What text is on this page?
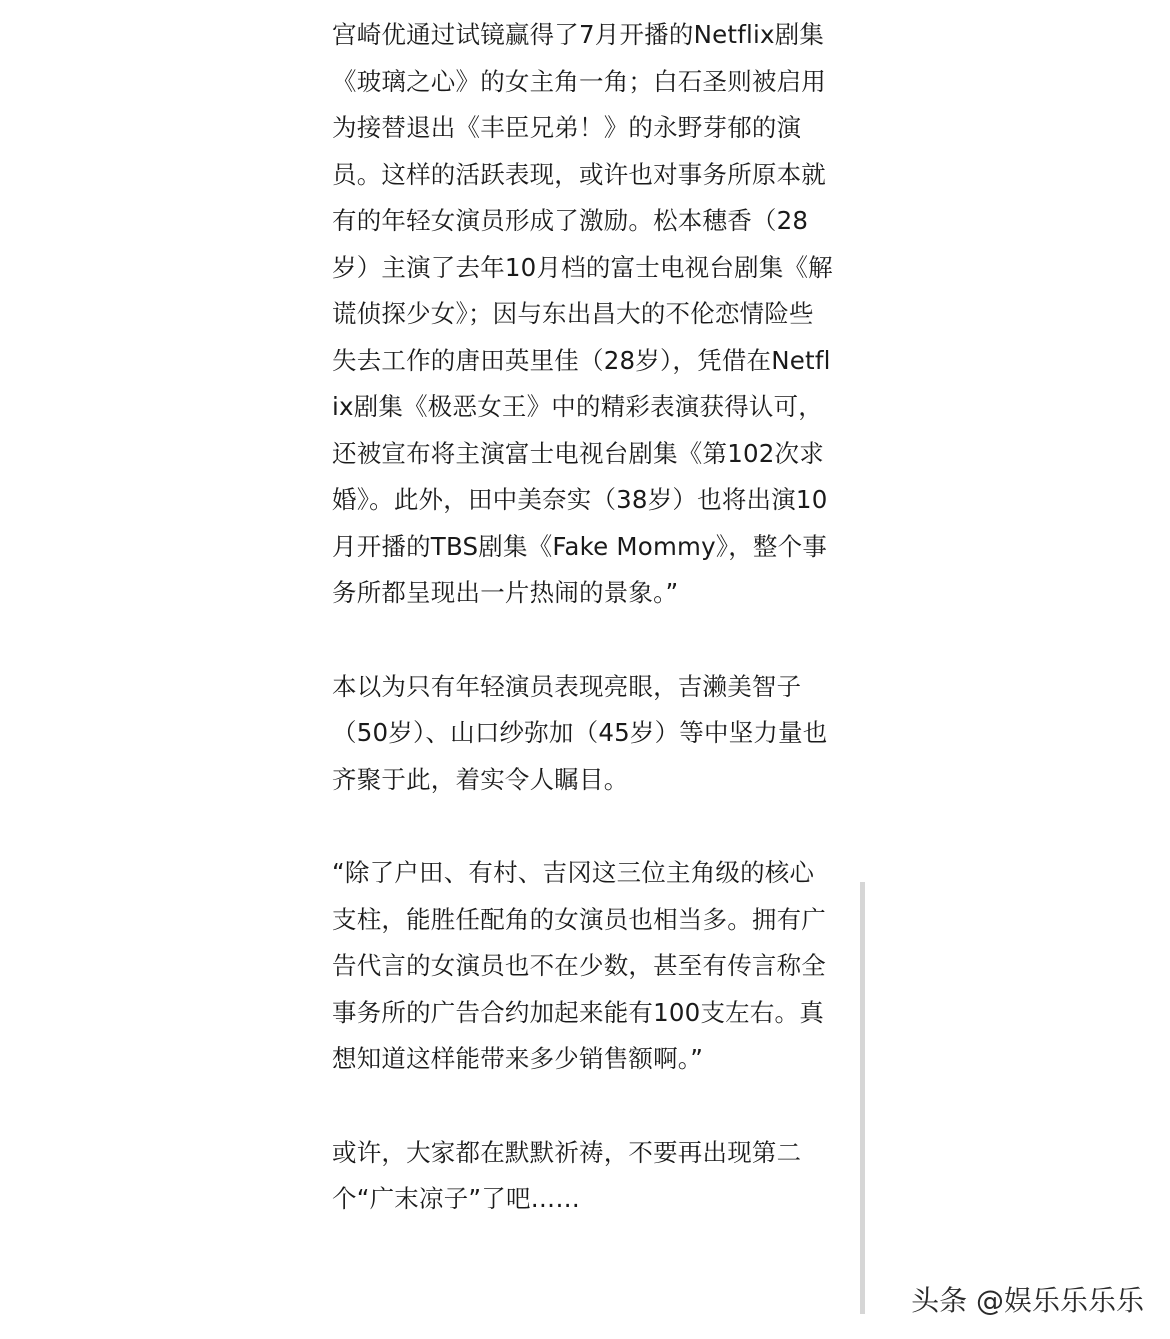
宫崎优通过试镜赢得了7月开播的Netflix剧集《玻璃之心》的女主角一角；白石圣则被启用为接替退出《丰臣兄弟！》的永野芽郁的演员。这样的活跃表现，或许也对事务所原本就有的年轻女演员形成了激励。松本穗香（28岁）主演了去年10月档的富士电视台剧集《解谎侦探少女》；因与东出昌大的不伦恋情险些失去工作的唐田英里佳（28岁），凭借在Netflix剧集《极恶女王》中的精彩表演获得认可，还被宣布将主演富士电视台剧集《第102次求婚》。此外，田中美奈实（38岁）也将出演10月开播的TBS剧集《Fake Mommy》，整个事务所都呈现出一片热闹的景象。”

本以为只有年轻演员表现亮眼，吉濑美智子（50岁）、山口纱弥加（45岁）等中坚力量也齐聚于此，着实令人瞩目。

“除了户田、有村、吉冈这三位主角级的核心支柱，能胜任配角的女演员也相当多。拥有广告代言的女演员也不在少数，甚至有传言称全事务所的广告合约加起来能有100支左右。真想知道这样能带来多少销售额啊。”

或许，大家都在默默祈祷，不要再出现第二个“广末凉子”了吧……

头条 @娱乐乐乐乐
